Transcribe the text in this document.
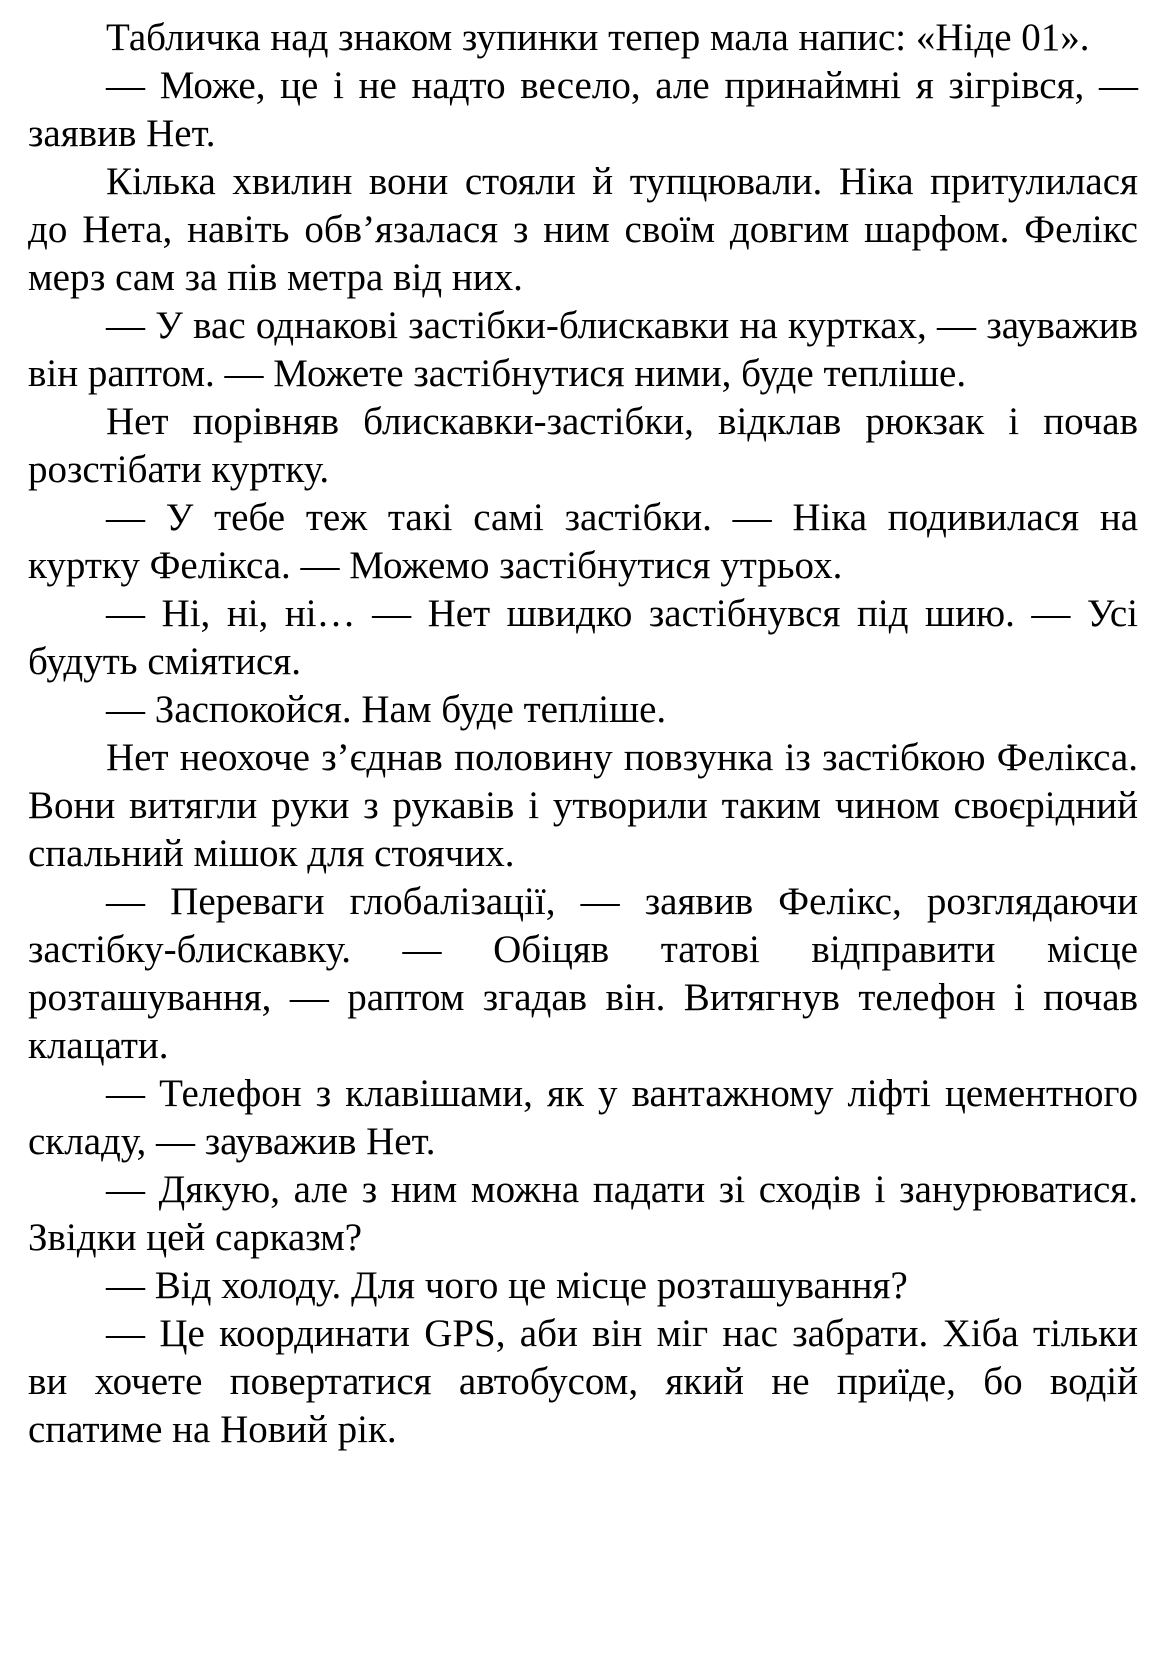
Табличка над знаком зупинки тепер мала напис: «Ніде 01».

— Може, це і не надто весело, але принаймні я зігрівся, — заявив Нет.

Кілька хвилин вони стояли й тупцювали. Ніка притулилася до Нета, навіть обв’язалася з ним своїм довгим шарфом. Фелікс мерз сам за пів метра від них.

— У вас однакові застібки-блискавки на куртках, — зауважив він раптом. — Можете застібнутися ними, буде тепліше.

Нет порівняв блискавки-застібки, відклав рюкзак і почав розстібати куртку.

— У тебе теж такі самі застібки. — Ніка подивилася на куртку Фелікса. — Можемо застібнутися утрьох.

— Ні, ні, ні… — Нет швидко застібнувся під шию. — Усі будуть сміятися.

— Заспокойся. Нам буде тепліше.

Нет неохоче з’єднав половину повзунка із застібкою Фелікса. Вони витягли руки з рукавів і утворили таким чином своєрідний спальний мішок для стоячих.

— Переваги глобалізації, — заявив Фелікс, розглядаючи застібку-блискавку. — Обіцяв татові відправити місце розташування, — раптом згадав він. Витягнув телефон і почав клацати.

— Телефон з клавішами, як у вантажному ліфті цементного складу, — зауважив Нет.

— Дякую, але з ним можна падати зі сходів і занурюватися. Звідки цей сарказм?

— Від холоду. Для чого це місце розташування?

— Це координати GPS, аби він міг нас забрати. Хіба тільки ви хочете повертатися автобусом, який не приїде, бо водій спатиме на Новий рік.
